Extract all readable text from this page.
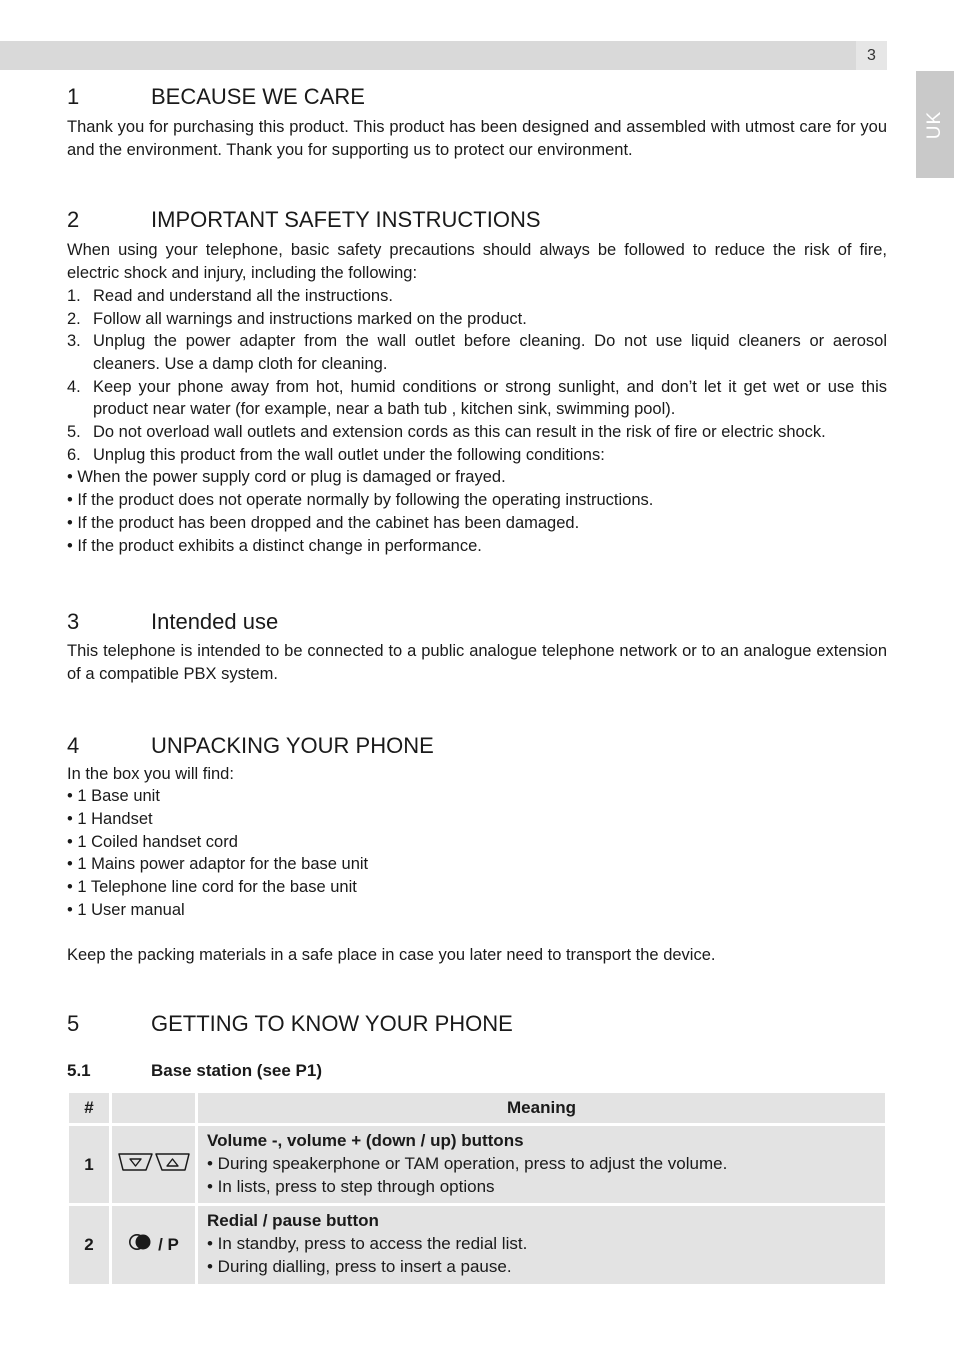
3
UK
1	BECAUSE WE CARE

Thank you for purchasing this product. This product has been designed and assembled with utmost care for you and the environment. Thank you for supporting us to protect our environment.

2	IMPORTANT SAFETY INSTRUCTIONS

When using your telephone, basic safety precautions should always be followed to reduce the risk of fire, electric shock and injury, including the following:

1. Read and understand all the instructions.
2. Follow all warnings and instructions marked on the product.
3. Unplug the power adapter from the wall outlet before cleaning. Do not use liquid cleaners or aerosol cleaners. Use a damp cloth for cleaning.
4. Keep your phone away from hot, humid conditions or strong sunlight, and don’t let it get wet or use this product near water (for example, near a bath tub , kitchen sink, swimming pool).
5. Do not overload wall outlets and extension cords as this can result in the risk of fire or electric shock.
6. Unplug this product from the wall outlet under the following conditions:

• When the power supply cord or plug is damaged or frayed.

• If the product does not operate normally by following the operating instructions.

• If the product has been dropped and the cabinet has been damaged.

• If the product exhibits a distinct change in performance.

3	Intended use

This telephone is intended to be connected to a public analogue telephone network or to an analogue extension of a compatible PBX system.

4	UNPACKING YOUR PHONE

In the box you will find:

• 1 Base unit

• 1 Handset

• 1 Coiled handset cord

• 1 Mains power adaptor for the base unit

• 1 Telephone line cord for the base unit

• 1 User manual

Keep the packing materials in a safe place in case you later need to transport the device.

5	GETTING TO KNOW YOUR PHONE
5.1	Base station (see P1)
#		Meaning
1		Volume -, volume + (down / up) buttons
• During speakerphone or TAM operation, press to adjust the volume.
• In lists, press to step through options

2	/ P	Redial / pause button
• In standby, press to access the redial list.
• During dialling, press to insert a pause.
